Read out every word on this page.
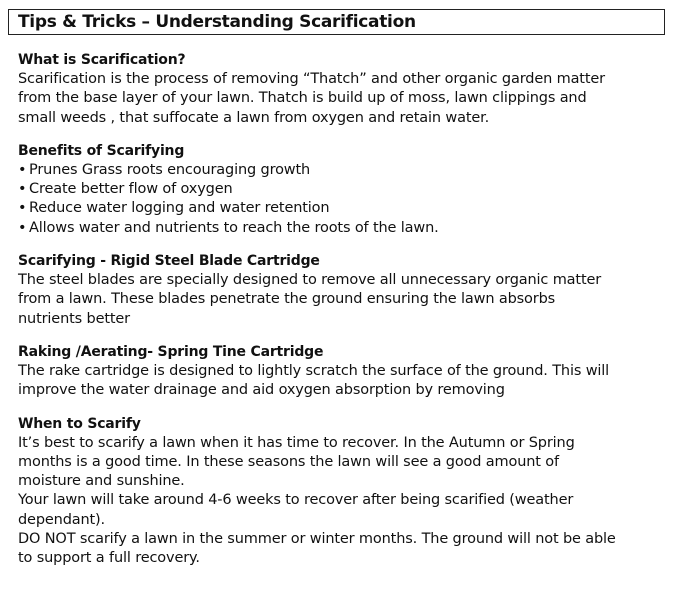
Tips & Tricks – Understanding Scarification
What is Scarification?
Scarification is the process of removing “Thatch” and other organic garden matter
from the base layer of your lawn. Thatch is build up of moss, lawn clippings and
small weeds , that suffocate a lawn from oxygen and retain water.
Benefits of Scarifying
• Prunes Grass roots encouraging growth
• Create better flow of oxygen
• Reduce water logging and water retention
• Allows water and nutrients to reach the roots of the lawn.
Scarifying - Rigid Steel Blade Cartridge
The steel blades are specially designed to remove all unnecessary organic matter
from a lawn. These blades penetrate the ground ensuring the lawn absorbs
nutrients better
Raking /Aerating- Spring Tine Cartridge
The rake cartridge is designed to lightly scratch the surface of the ground. This will
improve the water drainage and aid oxygen absorption by removing
When to Scarify
It’s best to scarify a lawn when it has time to recover. In the Autumn or Spring
months is a good time. In these seasons the lawn will see a good amount of
moisture and sunshine.
Your lawn will take around 4-6 weeks to recover after being scarified (weather
dependant).
DO NOT scarify a lawn in the summer or winter months. The ground will not be able
to support a full recovery.
